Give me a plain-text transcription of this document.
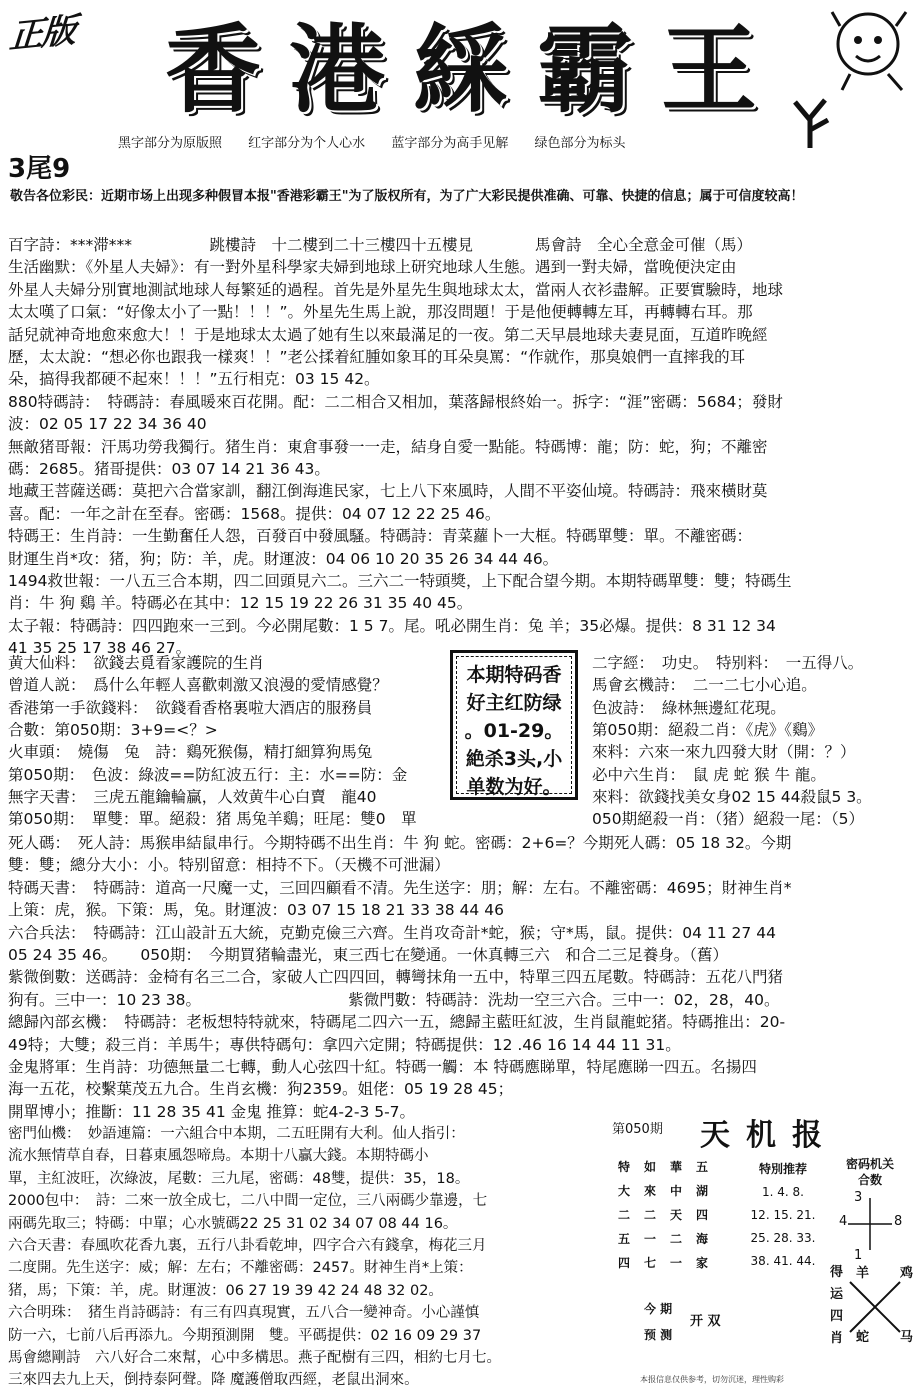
正版 香港綵霸王
黑字部分为原版照 红字部分为个人心水 蓝字部分为高手见解 绿色部分为标头
3尾9
敬告各位彩民：近期市场上出现多种假冒本报"香港彩霸王"为了版权所有，为了广大彩民提供准确、可靠、快捷的信息；属于可信度较高！
百字詩：***滞***　　　　　跳樓詩　十二樓到二十三樓四十五樓見　　　　馬會詩　全心全意金可催（馬）
生活幽默：《外星人夫婦》：有一對外星科學家夫婦到地球上研究地球人生態。遇到一對夫婦，當晚便決定由
外星人夫婦分別實地測試地球人每繁延的過程。首先是外星先生與地球太太，當兩人衣衫盡解。正要實驗時，地球
太太嘆了口氣：“好像太小了一點！！！”。外星先生馬上說，那沒問題！于是他便轉轉左耳，再轉轉右耳。那
話兒就神奇地愈來愈大！！于是地球太太過了她有生以來最滿足的一夜。第二天早晨地球夫妻見面，互道昨晚經
歷，太太說：“想必你也跟我一樣爽！！”老公揉着紅腫如象耳的耳朵臭罵：“作就作，那臭娘們一直摔我的耳
朵，搞得我都硬不起來！！！”五行相克：03 15 42。
880特碼詩：　特碼詩：春風暖來百花開。配：二二相合又相加，葉落歸根終始一。拆字：“涯”密碼：5684；發財
波：02 05 17 22 34 36 40
無敵猪哥報：汗馬功勞我獨行。猪生肖：東倉事發一一走，結身自愛一點能。特碼博：龍；防：蛇，狗；不離密
碼：2685。猪哥提供：03 07 14 21 36 43。
地藏王菩薩送碼：莫把六合當家訓，翻江倒海進民家，七上八下來風時，人間不平姿仙境。特碼詩：飛來橫財莫
喜。配：一年之計在至春。密碼：1568。提供：04 07 12 22 25 46。
特碼王：生肖詩：一生勤奮任人怨，百發百中發風騷。特碼詩：青菜蘿卜一大框。特碼單雙：單。不離密碼：
財運生肖*攻：猪，狗；防：羊，虎。財運波：04 06 10 20 35 26 34 44 46。
1494救世報：一八五三合本期，四二回頭見六二。三六二一特頭獎，上下配合望今期。本期特碼單雙：雙；特碼生
肖：牛 狗 鷄 羊。特碼必在其中：12 15 19 22 26 31 35 40 45。
太子報：特碼詩：四四跑來一三到。今必開尾數：1 5 7。尾。吼必開生肖：兔 羊；35必爆。提供：8 31 12 34
41 35 25 17 38 46 27。
黄大仙料：　欲錢去覓看家護院的生肖
曾道人説：　爲什么年輕人喜歡刺激又浪漫的愛情感覺？
香港第一手欲錢料：　欲錢看香格裏啦大酒店的服務員
合數：第050期：3+9=<？>
火車頭：　燒傷　兔　詩：鷄死猴傷，精打細算狗馬兔
第050期：　色波：綠波==防紅波五行：主：水==防：金
無字天書：　三虎五龍鑰輪贏，人效黄牛心白賣　龍40
第050期：　單雙：單。絕殺：猪 馬兔羊鷄；旺尾：雙0　單
本期特码香
好主红防绿
。01-29。
絶杀3头,小
单数为好。
二字經：　功史。　特别料：　一五得八。
馬會玄機詩：　二一二七小心追。
色波詩：　綠林無邊紅花現。
第050期：絕殺二肖：《虎》《鷄》
來料：六來一來九四發大財（開：？）
必中六生肖：　鼠 虎 蛇 猴 牛 龍。
來料：欲錢找美女身02 15 44殺鼠5 3。
050期絕殺一肖：（猪）絕殺一尾：（5）
死人碼：　死人詩：馬猴串結鼠串行。今期特碼不出生肖：牛 狗 蛇。密碼：2+6=？今期死人碼：05 18 32。今期
雙：雙；總分大小：小。特别留意：相持不下。（天機不可泄漏）
特碼天書：　特碼詩：道高一尺魔一丈，三回四顧看不清。先生送字：朋；解：左右。不離密碼：4695；財神生肖*
上策：虎，猴。下策：馬，兔。財運波：03 07 15 18 21 33 38 44 46
六合兵法：　特碼詩：江山設計五大統，克勤克儉三六齊。生肖攻奇計*蛇，猴；守*馬，鼠。提供：04 11 27 44
05 24 35 46。　　050期：　今期買猪輪盡光，東三西七在變通。一休真轉三六　和合二三足養身。（舊）
紫微倒數：送碼詩：金椅有名三二合，家破人亡四四回，轉彎抹角一五中，特單三四五尾數。特碼詩：五花八門猪
狗有。三中一：10 23 38。　　　　　　　　　　紫微門數：特碼詩：洗劫一空三六合。三中一：02，28，40。
總歸內部玄機：　特碼詩：老板想特特就來，特碼尾二四六一五，總歸主藍旺紅波，生肖鼠龍蛇猪。特碼推出：20-
49特；大雙；殺三肖：羊馬牛；專供特碼句：拿四六定開；特碼提供：12 .46 16 14 44 11 31。
金鬼將軍：生肖詩：功德無量二七轉，動人心弦四十紅。特碼一觸：本 特碼應睇單，特尾應睇一四五。名揚四
海一五花，校繫葉茂五九合。生肖玄機：狗2359。姐佬：05 19 28 45；
開單博小；推斷：11 28 35 41 金鬼 推算：蛇4-2-3 5-7。
密門仙機：　妙語連篇：一六組合中本期，二五旺開有大利。仙人指引：
流水無情草自春，日暮東風怨啼鳥。本期十八贏大錢。本期特碼小
單，主紅波旺，次綠波，尾數：三九尾，密碼：48雙，提供：35，18。
2000包中：　詩：二來一放全成七，二八中間一定位，三八兩碼少靠邊，七
兩碼先取三；特碼：中單；心水號碼22 25 31 02 34 07 08 44 16。
六合天書：春風吹花香九裏，五行八卦看乾坤，四字合六有錢拿，梅花三月
二度開。先生送字：威；解：左右；不離密碼：2457。財神生肖*上策：
猪，馬；下策：羊，虎。財運波：06 27 19 39 42 24 48 32 02。
六合明珠：　猪生肖詩碼詩：有三有四真現實，五八合一變神奇。小心謹慎
防一六，七前八后再添九。今期預測開　雙。平碼提供：02 16 09 29 37
馬會總剛詩　六八好合二來幫，心中多構思。燕子配樹有三四，相約七月七。
三來四去九上天，倒持泰阿聲。降 魔護僧取西經，老鼠出洞來。
第050期 天机报
特
大
二
五
四
如
來
二
一
七
華
中
天
二
一
五
湖
四
海
家
特別推荐
1. 4. 8.
12. 15. 21.
25. 28. 33.
38. 41. 44.
密码机关
合数
3
4	8
1
得
运
四
肖
羊 鸡
蛇 马
今 期
预 测
开 双
本报信息仅供参考，切勿沉迷，理性购彩
